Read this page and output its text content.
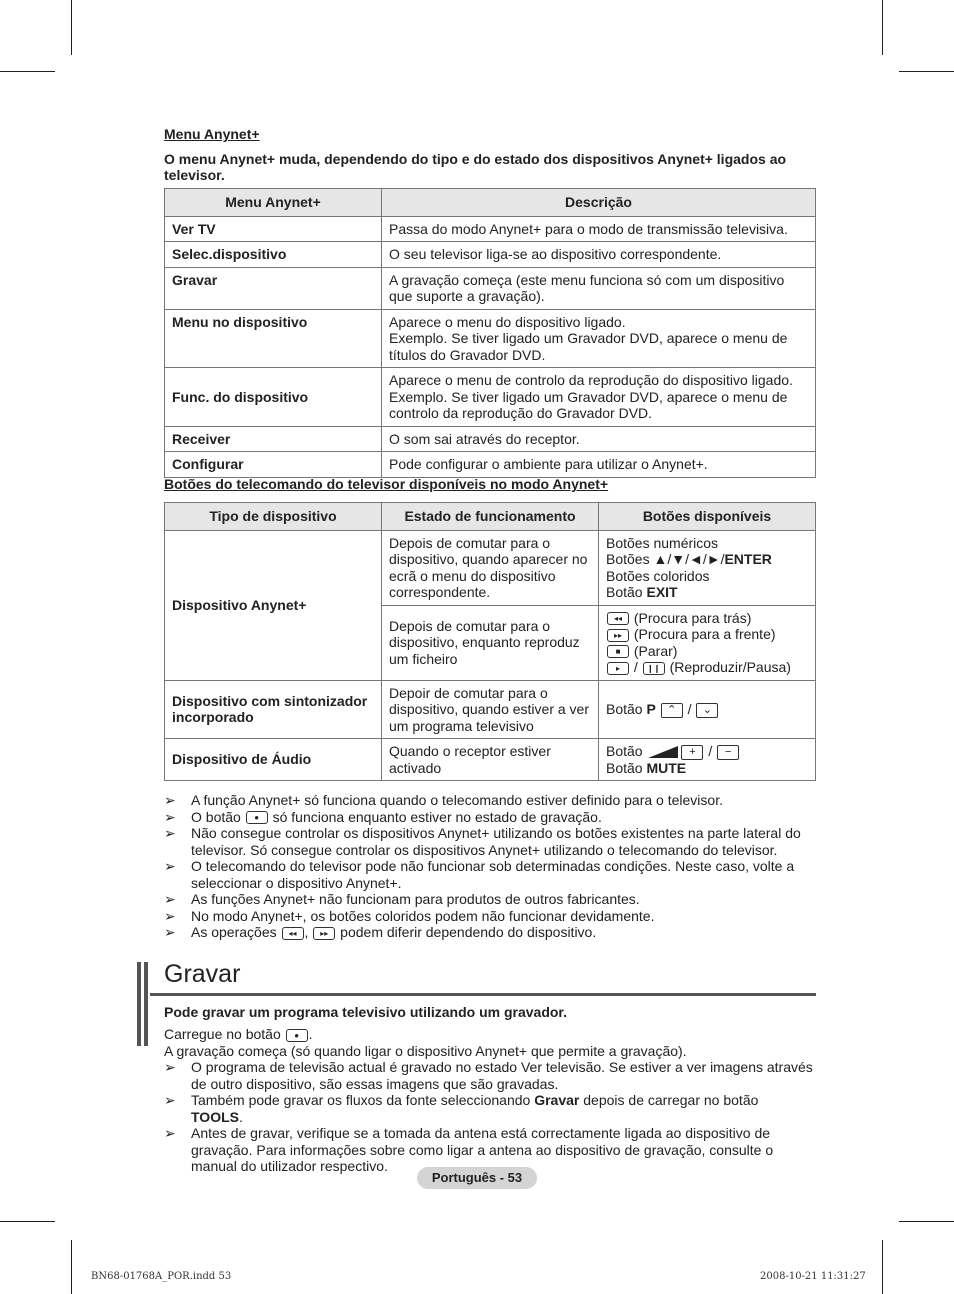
Menu Anynet+
O menu Anynet+ muda, dependendo do tipo e do estado dos dispositivos Anynet+ ligados ao televisor.
Menu Anynet+	Descrição
Ver TV	Passa do modo Anynet+ para o modo de transmissão televisiva.
Selec.dispositivo	O seu televisor liga-se ao dispositivo correspondente.
Gravar	A gravação começa (este menu funciona só com um dispositivo que suporte a gravação).
Menu no dispositivo	Aparece o menu do dispositivo ligado.
Exemplo. Se tiver ligado um Gravador DVD, aparece o menu de títulos do Gravador DVD.
Func. do dispositivo	Aparece o menu de controlo da reprodução do dispositivo ligado.
Exemplo. Se tiver ligado um Gravador DVD, aparece o menu de controlo da reprodução do Gravador DVD.
Receiver	O som sai através do receptor.
Configurar	Pode configurar o ambiente para utilizar o Anynet+.
Botões do telecomando do televisor disponíveis no modo Anynet+
Tipo de dispositivo	Estado de funcionamento	Botões disponíveis
Dispositivo Anynet+	Depois de comutar para o dispositivo, quando aparecer no ecrã o menu do dispositivo correspondente.	Botões numéricos
Botões ▲/▼/◄/►/ENTER
Botões coloridos
Botão EXIT

	Depois de comutar para o dispositivo, enquanto reproduz um ficheiro	◂◂ (Procura para trás)
▸▸ (Procura para a frente)
■ (Parar)
▸ / ❙❙ (Reproduzir/Pausa)

Dispositivo com sintonizador incorporado	Depoir de comutar para o dispositivo, quando estiver a ver um programa televisivo	Botão P ⌃ / ⌄
Dispositivo de Áudio	Quando o receptor estiver activado	Botão + / −
Botão MUTE
➢ A função Anynet+ só funciona quando o telecomando estiver definido para o televisor.
➢ O botão ● só funciona enquanto estiver no estado de gravação.
➢ Não consegue controlar os dispositivos Anynet+ utilizando os botões existentes na parte lateral do televisor. Só consegue controlar os dispositivos Anynet+ utilizando o telecomando do televisor.
➢ O telecomando do televisor pode não funcionar sob determinadas condições. Neste caso, volte a seleccionar o dispositivo Anynet+.
➢ As funções Anynet+ não funcionam para produtos de outros fabricantes.
➢ No modo Anynet+, os botões coloridos podem não funcionar devidamente.
➢ As operações ◂◂ , ▸▸ podem diferir dependendo do dispositivo.
Gravar
Pode gravar um programa televisivo utilizando um gravador.
Carregue no botão ● .
A gravação começa (só quando ligar o dispositivo Anynet+ que permite a gravação).
➢ O programa de televisão actual é gravado no estado Ver televisão. Se estiver a ver imagens através de outro dispositivo, são essas imagens que são gravadas.
➢ Também pode gravar os fluxos da fonte seleccionando Gravar depois de carregar no botão TOOLS.
➢ Antes de gravar, verifique se a tomada da antena está correctamente ligada ao dispositivo de gravação. Para informações sobre como ligar a antena ao dispositivo de gravação, consulte o manual do utilizador respectivo.
Português - 53
BN68-01768A_POR.indd 53	2008-10-21 11:31:27
